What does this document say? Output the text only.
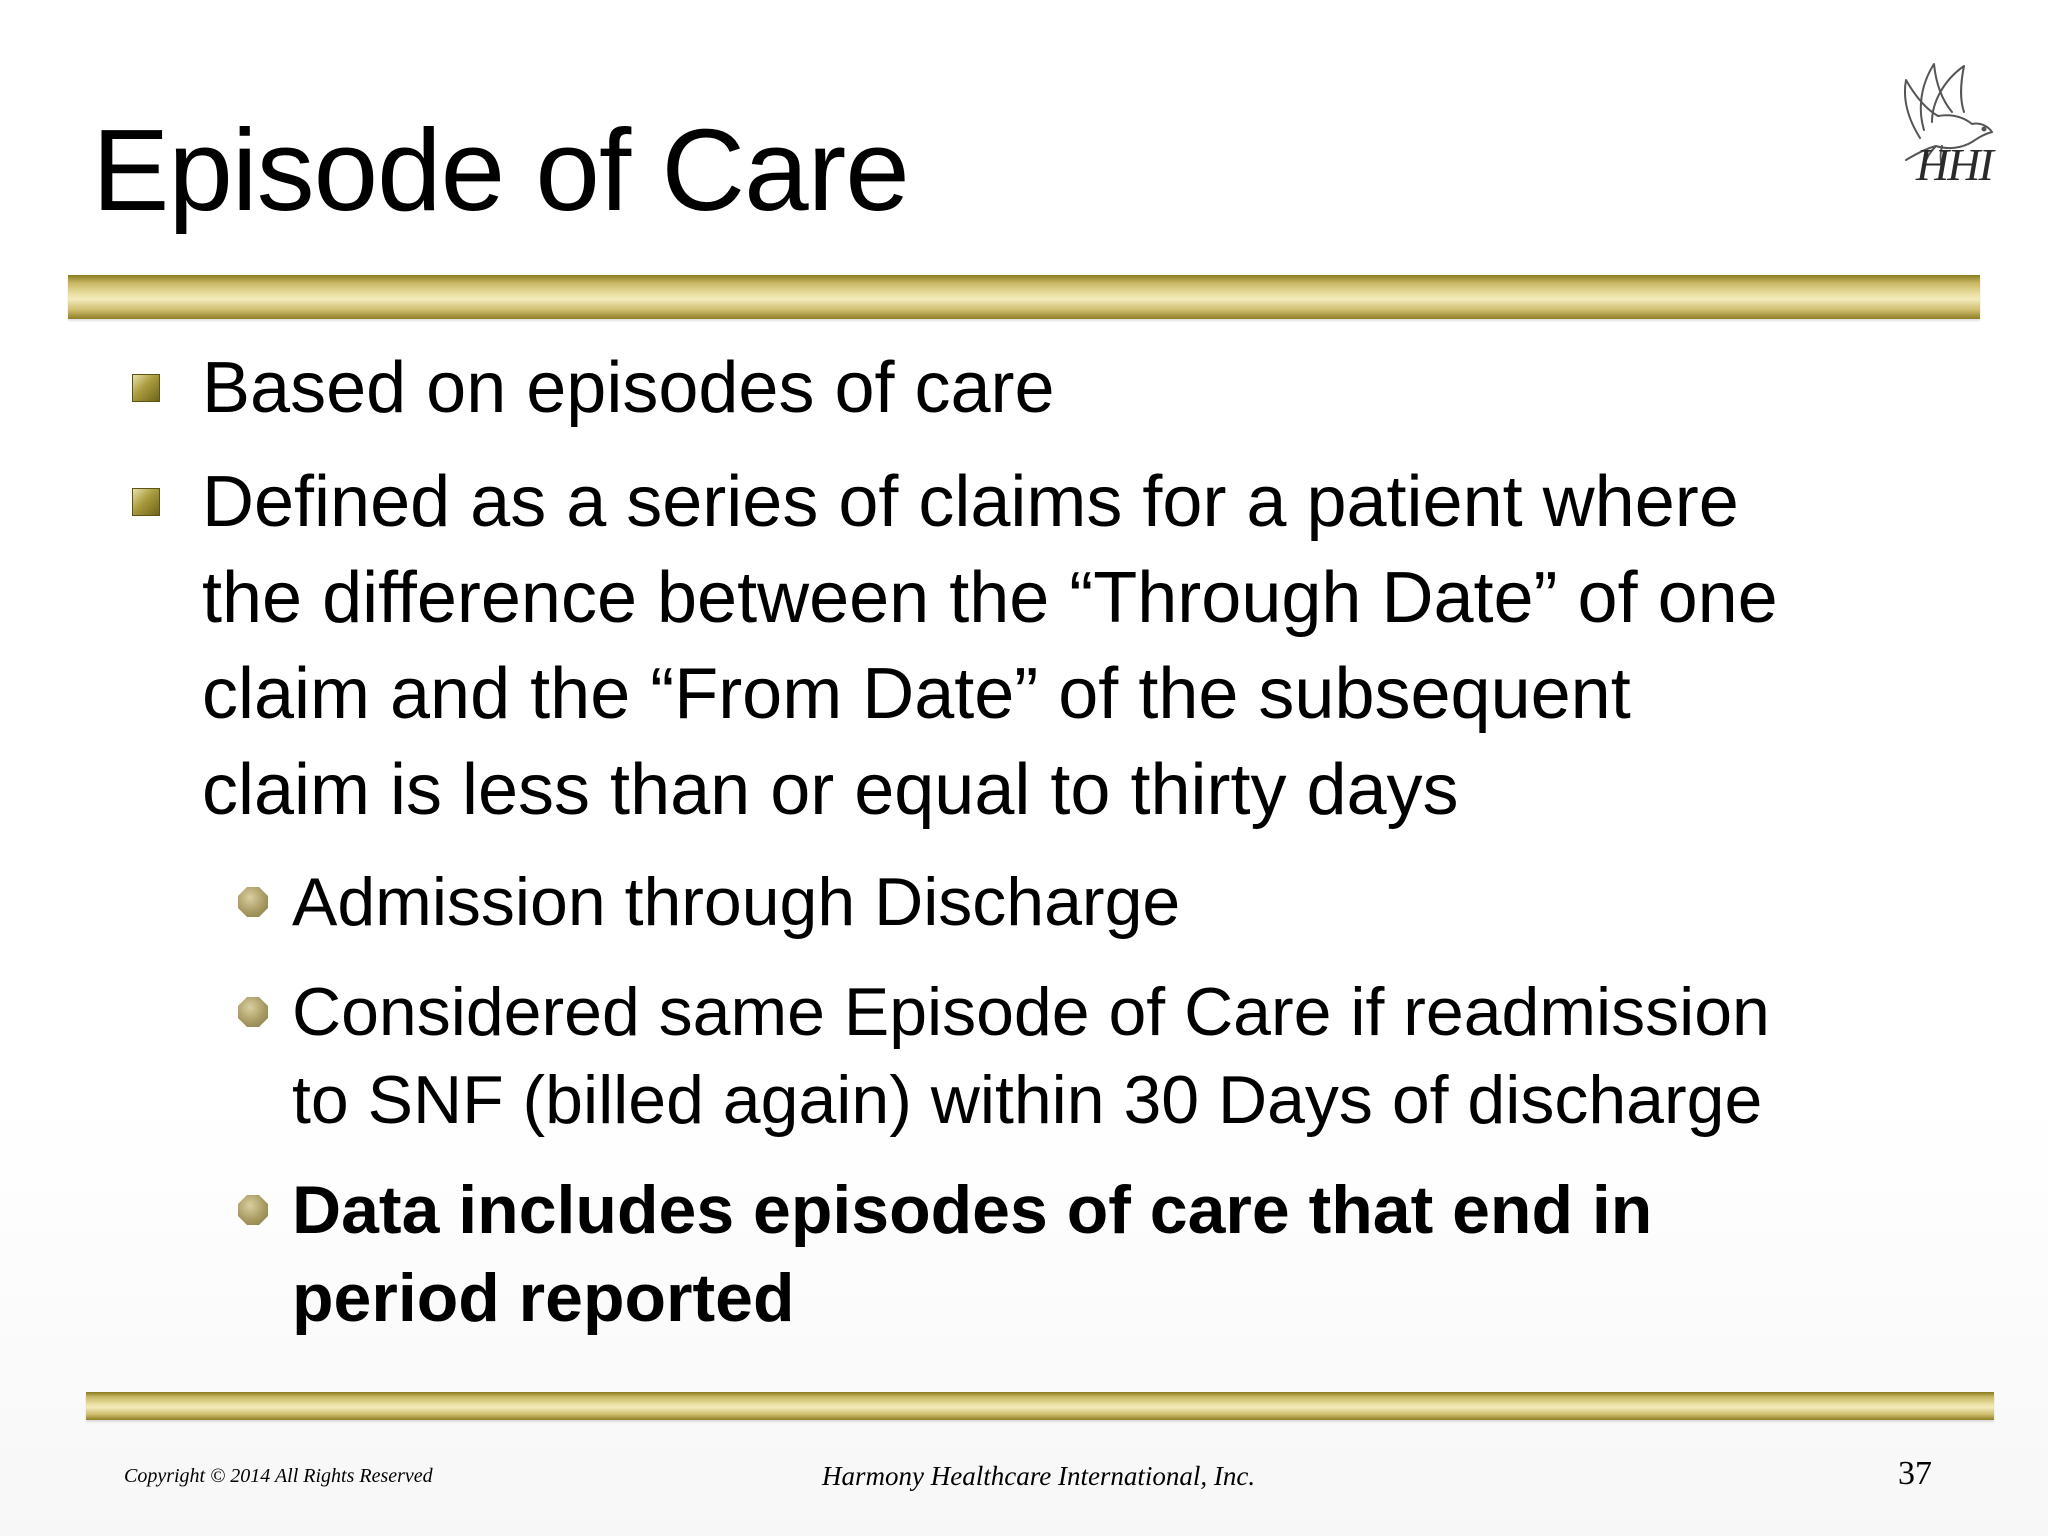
Episode of Care	HHI
Based on episodes of care
Defined as a series of claims for a patient where
the difference between the “Through Date” of one
claim and the “From Date” of the subsequent
claim is less than or equal to thirty days
Admission through Discharge
Considered same Episode of Care if readmission
to SNF (billed again) within 30 Days of discharge
Data includes episodes of care that end in
period reported
Copyright © 2014 All Rights Reserved	Harmony Healthcare International, Inc.	37
